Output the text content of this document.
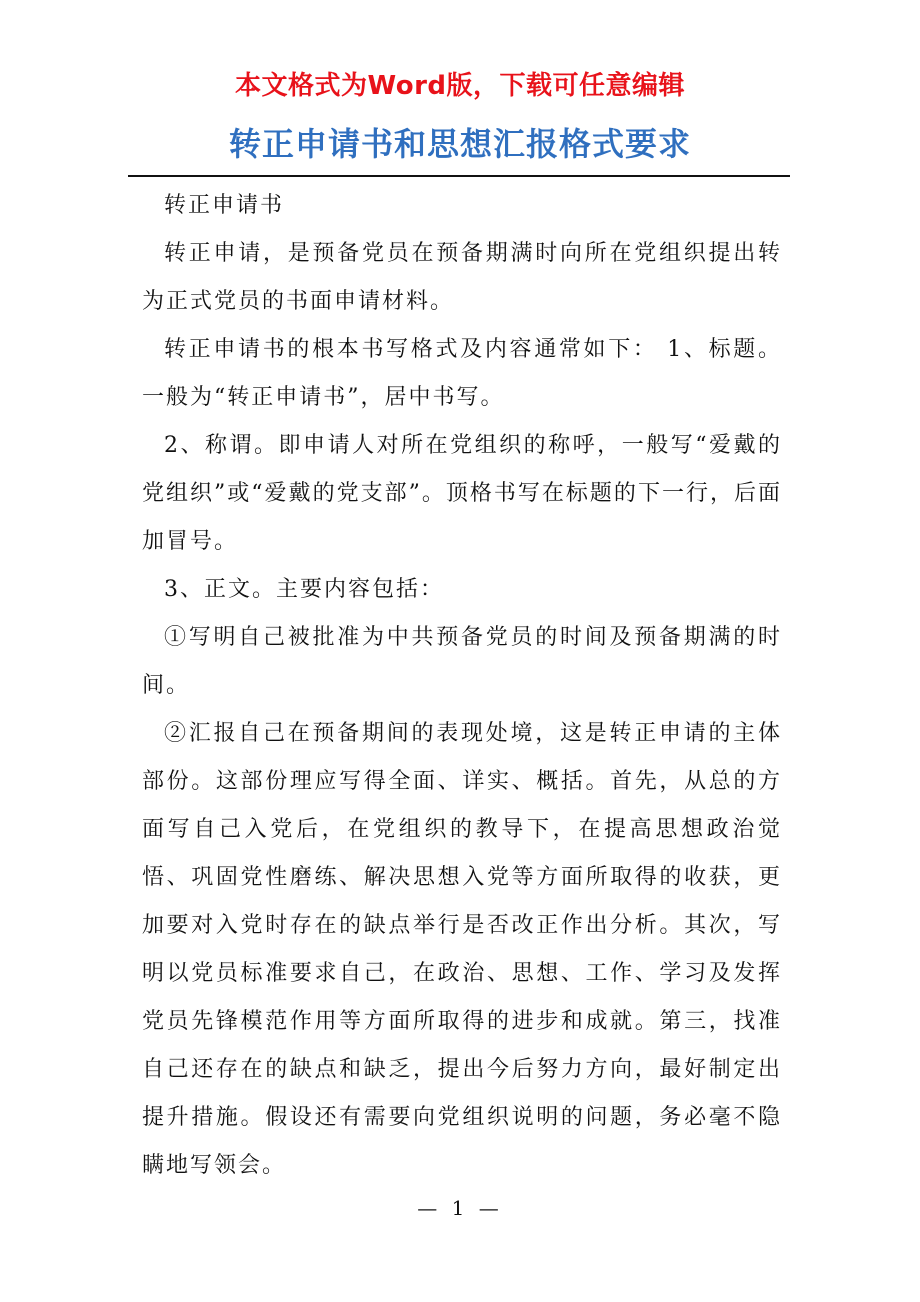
本文格式为Word版，下载可任意编辑
转正申请书和思想汇报格式要求

转正申请书

转正申请，是预备党员在预备期满时向所在党组织提出转为正式党员的书面申请材料。

转正申请书的根本书写格式及内容通常如下： 1、标题。一般为“转正申请书”，居中书写。

2、称谓。即申请人对所在党组织的称呼，一般写“爱戴的党组织”或“爱戴的党支部”。顶格书写在标题的下一行，后面加冒号。

3、正文。主要内容包括：

①写明自己被批准为中共预备党员的时间及预备期满的时间。

②汇报自己在预备期间的表现处境，这是转正申请的主体部份。这部份理应写得全面、详实、概括。首先，从总的方面写自己入党后，在党组织的教导下，在提高思想政治觉悟、巩固党性磨练、解决思想入党等方面所取得的收获，更加要对入党时存在的缺点举行是否改正作出分析。其次，写明以党员标准要求自己，在政治、思想、工作、学习及发挥党员先锋模范作用等方面所取得的进步和成就。第三，找准自己还存在的缺点和缺乏，提出今后努力方向，最好制定出提升措施。假设还有需要向党组织说明的问题，务必毫不隐瞒地写领会。

— 1 —
